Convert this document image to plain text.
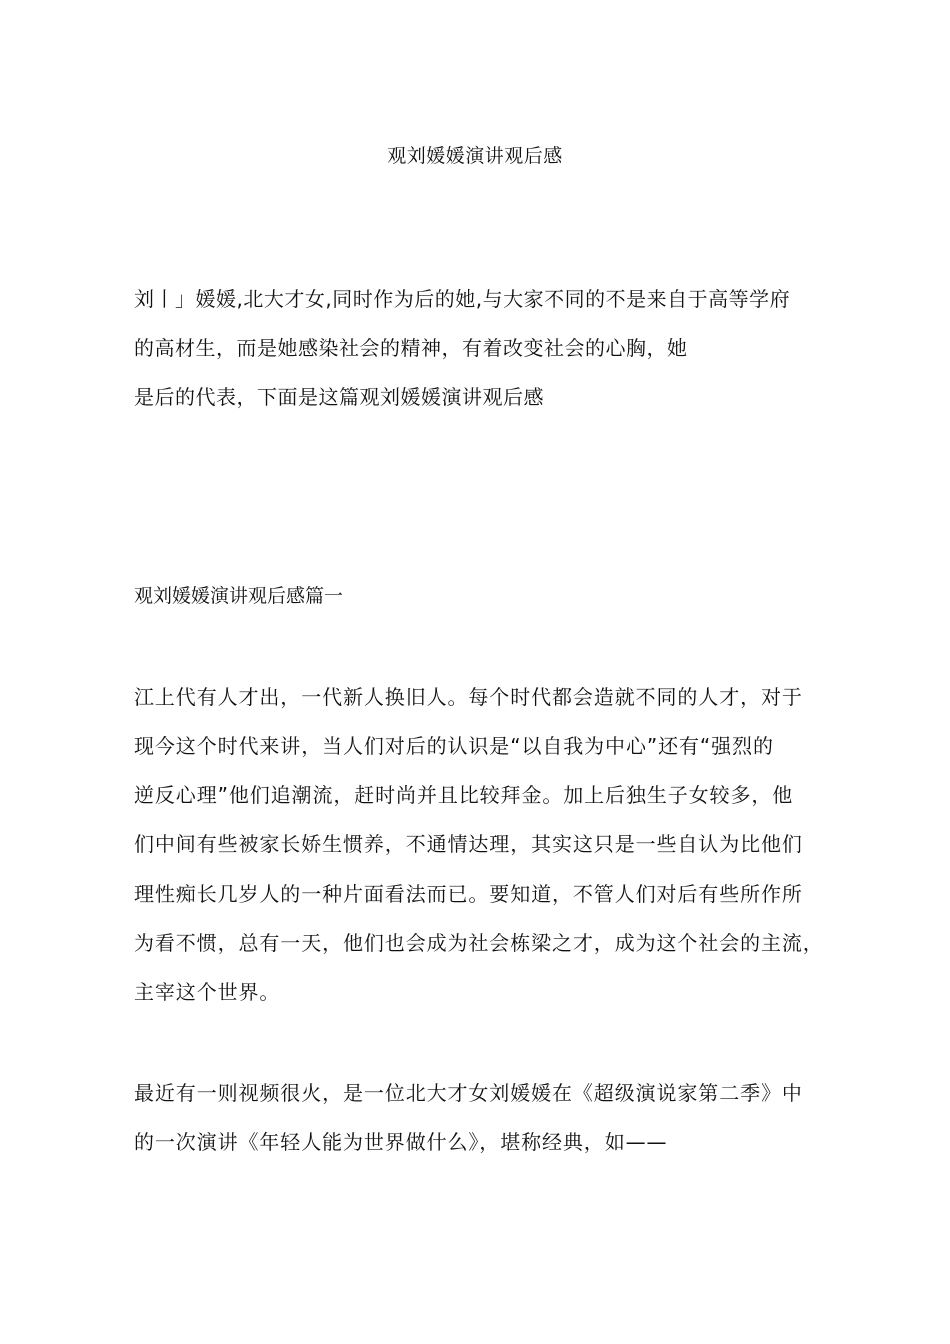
观刘媛媛演讲观后感
刘丨」媛媛,北大才女,同时作为后的她,与大家不同的不是来自于高等学府
的高材生，而是她感染社会的精神，有着改变社会的心胸，她
是后的代表，下面是这篇观刘媛媛演讲观后感
观刘媛媛演讲观后感篇一
江上代有人才出，一代新人换旧人。每个时代都会造就不同的人才，对于
现今这个时代来讲，当人们对后的认识是“以自我为中心”还有“强烈的
逆反心理”他们追潮流，赶时尚并且比较拜金。加上后独生子女较多，他
们中间有些被家长娇生惯养，不通情达理，其实这只是一些自认为比他们
理性痴长几岁人的一种片面看法而已。要知道，不管人们对后有些所作所
为看不惯，总有一天，他们也会成为社会栋梁之才，成为这个社会的主流，
主宰这个世界。
最近有一则视频很火，是一位北大才女刘媛媛在《超级演说家第二季》中
的一次演讲《年轻人能为世界做什么》，堪称经典，如——
